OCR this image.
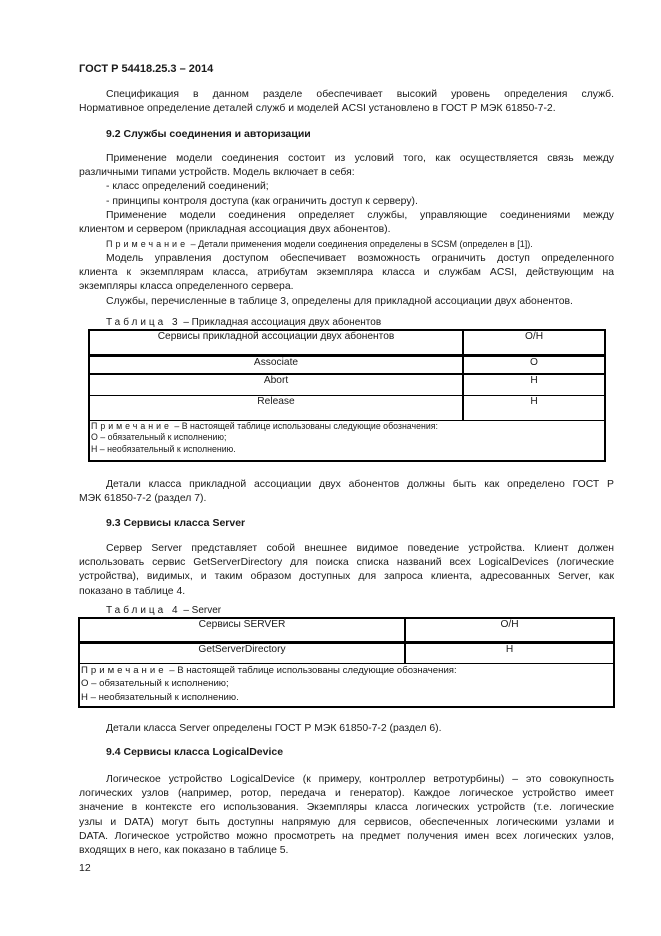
ГОСТ Р 54418.25.3 – 2014
Спецификация в данном разделе обеспечивает высокий уровень определения служб.
Нормативное определение деталей служб и моделей ACSI установлено в ГОСТ Р МЭК 61850-7-2.
9.2 Службы соединения и авторизации
Применение модели соединения состоит из условий того, как осуществляется связь между
различными типами устройств. Модель включает в себя:
- класс определений соединений;
- принципы контроля доступа (как ограничить доступ к серверу).
Применение модели соединения определяет службы, управляющие соединениями между
клиентом и сервером (прикладная ассоциация двух абонентов).
Примечание – Детали применения модели соединения определены в SCSM (определен в [1]).
Модель управления доступом обеспечивает возможность ограничить доступ определенного
клиента к экземплярам класса, атрибутам экземпляра класса и службам ACSI, действующим на
экземпляры класса определенного сервера.
Службы, перечисленные в таблице 3, определены для прикладной ассоциации двух абонентов.
Таблица 3 – Прикладная ассоциация двух абонентов
Сервисы прикладной ассоциации двух абонентов	О/Н
Associate	О
Abort	Н
Release	Н

Примечание – В настоящей таблице использованы следующие обозначения:
О – обязательный к исполнению;
Н – необязательный к исполнению.	
Детали класса прикладной ассоциации двух абонентов должны быть как определено ГОСТ Р
МЭК 61850-7-2 (раздел 7).
9.3 Сервисы класса Server
Сервер Server представляет собой внешнее видимое поведение устройства. Клиент должен
использовать сервис GetServerDirectory для поиска списка названий всех LogicalDevices (логические
устройства), видимых, и таким образом доступных для запроса клиента, адресованных Server, как
показано в таблице 4.
Таблица 4 – Server
Сервисы SERVER	О/Н
GetServerDirectory	Н

Примечание – В настоящей таблице использованы следующие обозначения:
О – обязательный к исполнению;
Н – необязательный к исполнению.	
Детали класса Server определены ГОСТ Р МЭК 61850-7-2 (раздел 6).
9.4 Сервисы класса LogicalDevice
Логическое устройство LogicalDevice (к примеру, контроллер ветротурбины) – это совокупность
логических узлов (например, ротор, передача и генератор). Каждое логическое устройство имеет
значение в контексте его использования. Экземпляры класса логических устройств (т.е. логические
узлы и DATA) могут быть доступны напрямую для сервисов, обеспеченных логическими узлами и
DATA. Логическое устройство можно просмотреть на предмет получения имен всех логических узлов,
входящих в него, как показано в таблице 5.
12
